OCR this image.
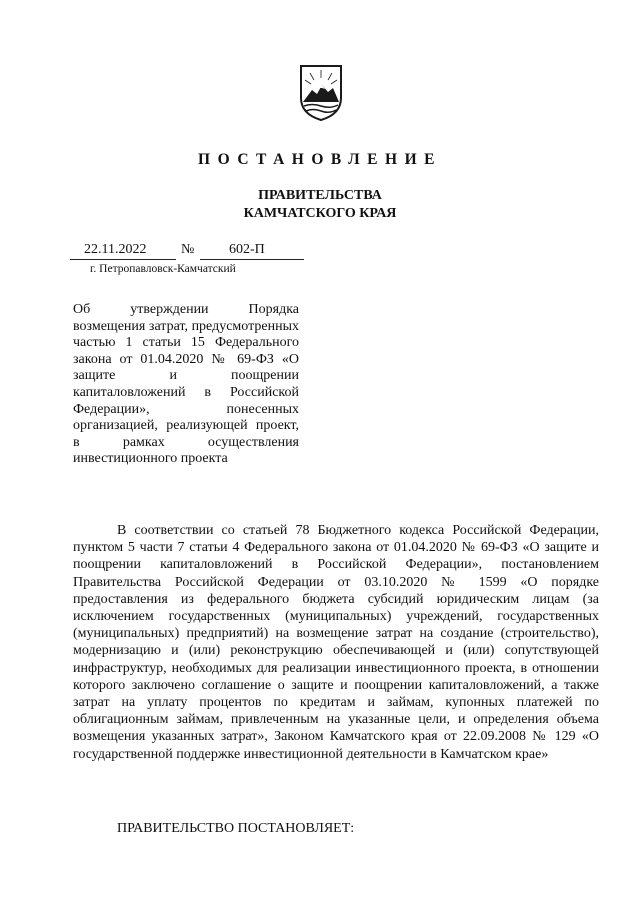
ПОСТАНОВЛЕНИЕ
ПРАВИТЕЛЬСТВА
КАМЧАТСКОГО КРАЯ
22.11.2022 № 602-П
г. Петропавловск-Камчатский
Об утверждении Порядка возмещения затрат, предусмотренных частью 1 статьи 15 Федерального закона от 01.04.2020 № 69-ФЗ «О защите и поощрении капиталовложений в Российской Федерации», понесенных организацией, реализующей проект, в рамках осуществления инвестиционного проекта

В соответствии со статьей 78 Бюджетного кодекса Российской Федерации, пунктом 5 части 7 статьи 4 Федерального закона от 01.04.2020 № 69-ФЗ «О защите и поощрении капиталовложений в Российской Федерации», постановлением Правительства Российской Федерации от 03.10.2020 № 1599 «О порядке предоставления из федерального бюджета субсидий юридическим лицам (за исключением государственных (муниципальных) учреждений, государственных (муниципальных) предприятий) на возмещение затрат на создание (строительство), модернизацию и (или) реконструкцию обеспечивающей и (или) сопутствующей инфраструктур, необходимых для реализации инвестиционного проекта, в отношении которого заключено соглашение о защите и поощрении капиталовложений, а также затрат на уплату процентов по кредитам и займам, купонных платежей по облигационным займам, привлеченным на указанные цели, и определения объема возмещения указанных затрат», Законом Камчатского края от 22.09.2008 № 129 «О государственной поддержке инвестиционной деятельности в Камчатском крае»

ПРАВИТЕЛЬСТВО ПОСТАНОВЛЯЕТ:
